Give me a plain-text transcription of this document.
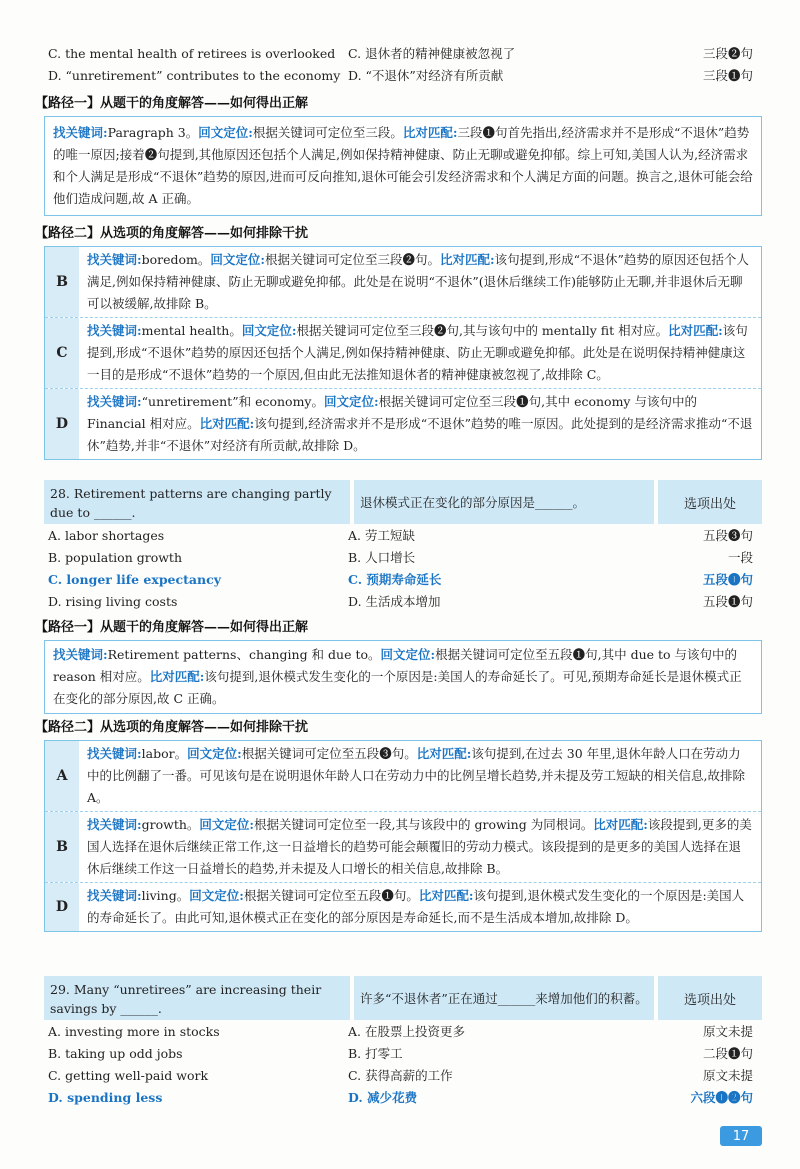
C. the mental health of retirees is overlooked	C. 退休者的精神健康被忽视了	三段❷句
D. “unretirement” contributes to the economy D. “不退休”对经济有所贡献	三段❶句
【路径一】从题干的角度解答——如何得出正解

找关键词:Paragraph 3。回文定位:根据关键词可定位至三段。比对匹配:三段❶句首先指出,经济需求并不是形成“不退休”趋势的唯一原因;接着❷句提到,其他原因还包括个人满足,例如保持精神健康、防止无聊或避免抑郁。综上可知,美国人认为,经济需求和个人满足是形成“不退休”趋势的原因,进而可反向推知,退休可能会引发经济需求和个人满足方面的问题。换言之,退休可能会给他们造成问题,故 A 正确。

【路径二】从选项的角度解答——如何排除干扰
B
找关键词:boredom。回文定位:根据关键词可定位至三段❷句。比对匹配:该句提到,形成“不退休”趋势的原因还包括个人满足,例如保持精神健康、防止无聊或避免抑郁。此处是在说明“不退休”(退休后继续工作)能够防止无聊,并非退休后无聊可以被缓解,故排除 B。
C
找关键词:mental health。回文定位:根据关键词可定位至三段❷句,其与该句中的 mentally fit 相对应。比对匹配:该句提到,形成“不退休”趋势的原因还包括个人满足,例如保持精神健康、防止无聊或避免抑郁。此处是在说明保持精神健康这一目的是形成“不退休”趋势的一个原因,但由此无法推知退休者的精神健康被忽视了,故排除 C。
D
找关键词:“unretirement”和 economy。回文定位:根据关键词可定位至三段❶句,其中 economy 与该句中的 Financial 相对应。比对匹配:该句提到,经济需求并不是形成“不退休”趋势的唯一原因。此处提到的是经济需求推动“不退休”趋势,并非“不退休”对经济有所贡献,故排除 D。
28. Retirement patterns are changing partly due to ______.
退休模式正在变化的部分原因是______。	选项出处
A. labor shortages	A. 劳工短缺	五段❸句
B. population growth	B. 人口增长	一段
C. longer life expectancy	C. 预期寿命延长	五段❶句
D. rising living costs	D. 生活成本增加	五段❶句
【路径一】从题干的角度解答——如何得出正解

找关键词:Retirement patterns、changing 和 due to。回文定位:根据关键词可定位至五段❶句,其中 due to 与该句中的 reason 相对应。比对匹配:该句提到,退休模式发生变化的一个原因是:美国人的寿命延长了。可见,预期寿命延长是退休模式正在变化的部分原因,故 C 正确。

【路径二】从选项的角度解答——如何排除干扰
A
找关键词:labor。回文定位:根据关键词可定位至五段❸句。比对匹配:该句提到,在过去 30 年里,退休年龄人口在劳动力中的比例翻了一番。可见该句是在说明退休年龄人口在劳动力中的比例呈增长趋势,并未提及劳工短缺的相关信息,故排除 A。
B
找关键词:growth。回文定位:根据关键词可定位至一段,其与该段中的 growing 为同根词。比对匹配:该段提到,更多的美国人选择在退休后继续正常工作,这一日益增长的趋势可能会颠覆旧的劳动力模式。该段提到的是更多的美国人选择在退休后继续工作这一日益增长的趋势,并未提及人口增长的相关信息,故排除 B。
D
找关键词:living。回文定位:根据关键词可定位至五段❶句。比对匹配:该句提到,退休模式发生变化的一个原因是:美国人的寿命延长了。由此可知,退休模式正在变化的部分原因是寿命延长,而不是生活成本增加,故排除 D。
29. Many “unretirees” are increasing their savings by ______.
许多“不退休者”正在通过______来增加他们的积蓄。	选项出处
A. investing more in stocks	A. 在股票上投资更多	原文未提
B. taking up odd jobs	B. 打零工	二段❶句
C. getting well-paid work	C. 获得高薪的工作	原文未提
D. spending less	D. 减少花费	六段❶❷句
17
